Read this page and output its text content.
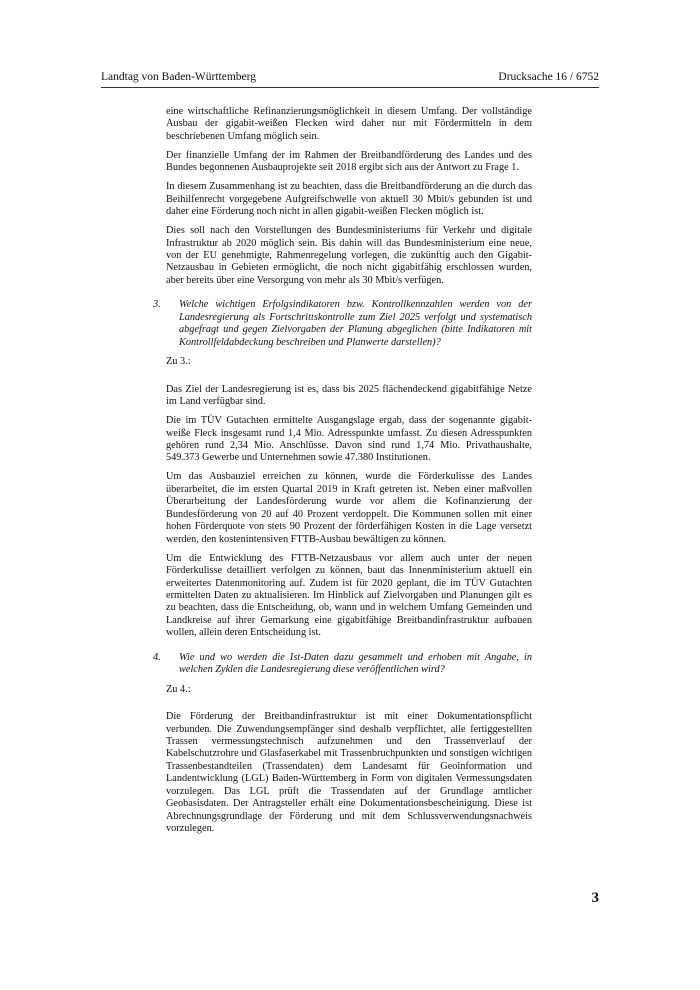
Landtag von Baden-Württemberg	Drucksache 16 / 6752

eine wirtschaftliche Refinanzierungsmöglichkeit in diesem Umfang. Der vollständige Ausbau der gigabit-weißen Flecken wird daher nur mit Fördermitteln in dem beschriebenen Umfang möglich sein.

Der finanzielle Umfang der im Rahmen der Breitbandförderung des Landes und des Bundes begonnenen Ausbauprojekte seit 2018 ergibt sich aus der Antwort zu Frage 1.

In diesem Zusammenhang ist zu beachten, dass die Breitbandförderung an die durch das Beihilfenrecht vorgegebene Aufgreifschwelle von aktuell 30 Mbit/s gebunden ist und daher eine Förderung noch nicht in allen gigabit-weißen Flecken möglich ist.

Dies soll nach den Vorstellungen des Bundesministeriums für Verkehr und digitale Infrastruktur ab 2020 möglich sein. Bis dahin will das Bundesministerium eine neue, von der EU genehmigte, Rahmenregelung vorlegen, die zukünftig auch den Gigabit-Netzausbau in Gebieten ermöglicht, die noch nicht gigabitfähig erschlossen wurden, aber bereits über eine Versorgung von mehr als 30 Mbit/s verfügen.

3. Welche wichtigen Erfolgsindikatoren bzw. Kontrollkennzahlen werden von der Landesregierung als Fortschrittskontrolle zum Ziel 2025 verfolgt und systematisch abgefragt und gegen Zielvorgaben der Planung abgeglichen (bitte Indikatoren mit Kontrollfeldabdeckung beschreiben und Planwerte darstellen)?

Zu 3.:

Das Ziel der Landesregierung ist es, dass bis 2025 flächendeckend gigabitfähige Netze im Land verfügbar sind.

Die im TÜV Gutachten ermittelte Ausgangslage ergab, dass der sogenannte gigabit-weiße Fleck insgesamt rund 1,4 Mio. Adresspunkte umfasst. Zu diesen Adresspunkten gehören rund 2,34 Mio. Anschlüsse. Davon sind rund 1,74 Mio. Privathaushalte, 549.373 Gewerbe und Unternehmen sowie 47.380 Institutionen.

Um das Ausbauziel erreichen zu können, wurde die Förderkulisse des Landes überarbeitet, die im ersten Quartal 2019 in Kraft getreten ist. Neben einer maßvollen Überarbeitung der Landesförderung wurde vor allem die Kofinanzierung der Bundesförderung von 20 auf 40 Prozent verdoppelt. Die Kommunen sollen mit einer hohen Förderquote von stets 90 Prozent der förderfähigen Kosten in die Lage versetzt werden, den kostenintensiven FTTB-Ausbau bewältigen zu können.

Um die Entwicklung des FTTB-Netzausbaus vor allem auch unter der neuen Förderkulisse detailliert verfolgen zu können, baut das Innenministerium aktuell ein erweitertes Datenmonitoring auf. Zudem ist für 2020 geplant, die im TÜV Gutachten ermittelten Daten zu aktualisieren. Im Hinblick auf Zielvorgaben und Planungen gilt es zu beachten, dass die Entscheidung, ob, wann und in welchem Umfang Gemeinden und Landkreise auf ihrer Gemarkung eine gigabitfähige Breitbandinfrastruktur aufbauen wollen, allein deren Entscheidung ist.

4. Wie und wo werden die Ist-Daten dazu gesammelt und erhoben mit Angabe, in welchen Zyklen die Landesregierung diese veröffentlichen wird?

Zu 4.:

Die Förderung der Breitbandinfrastruktur ist mit einer Dokumentationspflicht verbunden. Die Zuwendungsempfänger sind deshalb verpflichtet, alle fertiggestellten Trassen vermessungstechnisch aufzunehmen und den Trassenverlauf der Kabelschutzrohre und Glasfaserkabel mit Trassenbruchpunkten und sonstigen wichtigen Trassenbestandteilen (Trassendaten) dem Landesamt für Geoinformation und Landentwicklung (LGL) Baden-Württemberg in Form von digitalen Vermessungsdaten vorzulegen. Das LGL prüft die Trassendaten auf der Grundlage amtlicher Geobasisdaten. Der Antragsteller erhält eine Dokumentationsbescheinigung. Diese ist Abrechnungsgrundlage der Förderung und mit dem Schlussverwendungsnachweis vorzulegen.

3
